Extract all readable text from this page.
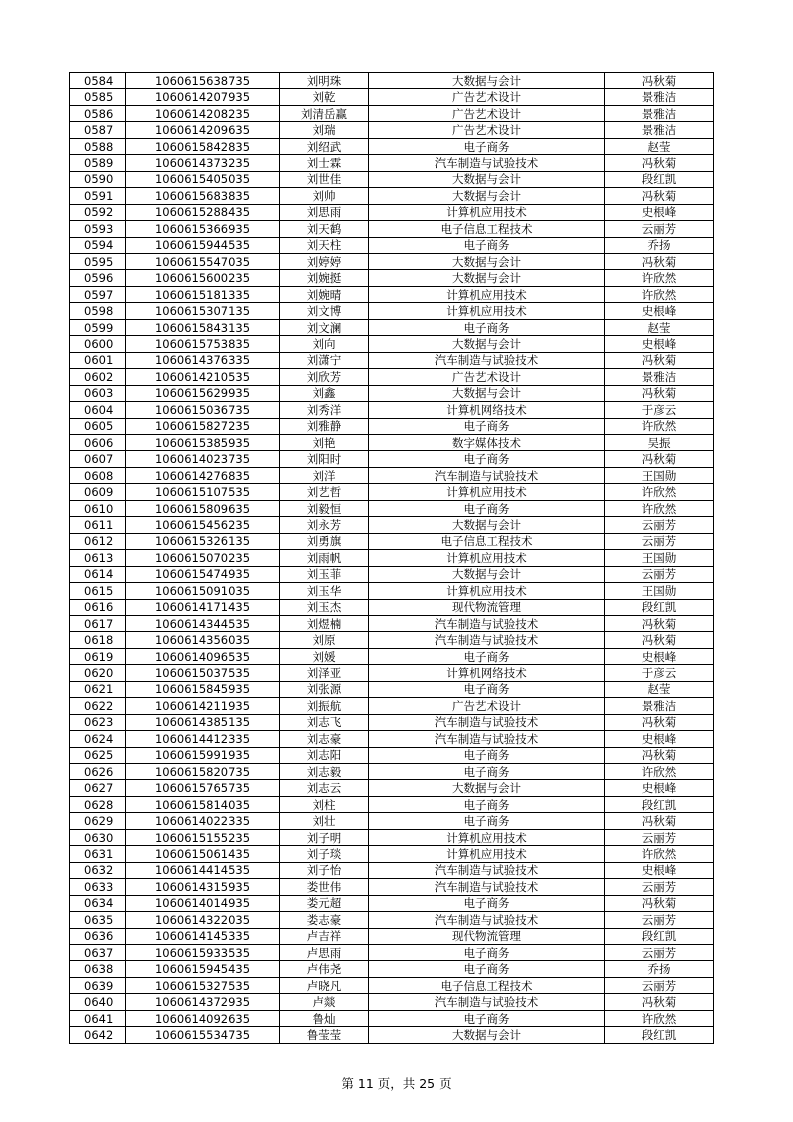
0584	1060615638735	刘明珠	大数据与会计	冯秋菊
0585	1060614207935	刘乾	广告艺术设计	景雅洁
0586	1060614208235	刘清岳赢	广告艺术设计	景雅洁
0587	1060614209635	刘瑞	广告艺术设计	景雅洁
0588	1060615842835	刘绍武	电子商务	赵莹
0589	1060614373235	刘士霖	汽车制造与试验技术	冯秋菊
0590	1060615405035	刘世佳	大数据与会计	段红凯
0591	1060615683835	刘帅	大数据与会计	冯秋菊
0592	1060615288435	刘思雨	计算机应用技术	史根峰
0593	1060615366935	刘天鹤	电子信息工程技术	云丽芳
0594	1060615944535	刘天柱	电子商务	乔扬
0595	1060615547035	刘婷婷	大数据与会计	冯秋菊
0596	1060615600235	刘婉挺	大数据与会计	许欣然
0597	1060615181335	刘婉晴	计算机应用技术	许欣然
0598	1060615307135	刘文博	计算机应用技术	史根峰
0599	1060615843135	刘文澜	电子商务	赵莹
0600	1060615753835	刘向	大数据与会计	史根峰
0601	1060614376335	刘潇宁	汽车制造与试验技术	冯秋菊
0602	1060614210535	刘欣芳	广告艺术设计	景雅洁
0603	1060615629935	刘鑫	大数据与会计	冯秋菊
0604	1060615036735	刘秀洋	计算机网络技术	于彦云
0605	1060615827235	刘雅静	电子商务	许欣然
0606	1060615385935	刘艳	数字媒体技术	吴振
0607	1060614023735	刘阳时	电子商务	冯秋菊
0608	1060614276835	刘洋	汽车制造与试验技术	王国勋
0609	1060615107535	刘艺哲	计算机应用技术	许欣然
0610	1060615809635	刘毅恒	电子商务	许欣然
0611	1060615456235	刘永芳	大数据与会计	云丽芳
0612	1060615326135	刘勇旗	电子信息工程技术	云丽芳
0613	1060615070235	刘雨帆	计算机应用技术	王国勋
0614	1060615474935	刘玉菲	大数据与会计	云丽芳
0615	1060615091035	刘玉华	计算机应用技术	王国勋
0616	1060614171435	刘玉杰	现代物流管理	段红凯
0617	1060614344535	刘煜楠	汽车制造与试验技术	冯秋菊
0618	1060614356035	刘原	汽车制造与试验技术	冯秋菊
0619	1060614096535	刘媛	电子商务	史根峰
0620	1060615037535	刘泽亚	计算机网络技术	于彦云
0621	1060615845935	刘张源	电子商务	赵莹
0622	1060614211935	刘振航	广告艺术设计	景雅洁
0623	1060614385135	刘志飞	汽车制造与试验技术	冯秋菊
0624	1060614412335	刘志豪	汽车制造与试验技术	史根峰
0625	1060615991935	刘志阳	电子商务	冯秋菊
0626	1060615820735	刘志毅	电子商务	许欣然
0627	1060615765735	刘志云	大数据与会计	史根峰
0628	1060615814035	刘柱	电子商务	段红凯
0629	1060614022335	刘壮	电子商务	冯秋菊
0630	1060615155235	刘子明	计算机应用技术	云丽芳
0631	1060615061435	刘子琰	计算机应用技术	许欣然
0632	1060614414535	刘子怡	汽车制造与试验技术	史根峰
0633	1060614315935	娄世伟	汽车制造与试验技术	云丽芳
0634	1060614014935	娄元超	电子商务	冯秋菊
0635	1060614322035	娄志豪	汽车制造与试验技术	云丽芳
0636	1060614145335	卢吉祥	现代物流管理	段红凯
0637	1060615933535	卢思雨	电子商务	云丽芳
0638	1060615945435	卢伟尧	电子商务	乔扬
0639	1060615327535	卢晓凡	电子信息工程技术	云丽芳
0640	1060614372935	卢燚	汽车制造与试验技术	冯秋菊
0641	1060614092635	鲁灿	电子商务	许欣然
0642	1060615534735	鲁莹莹	大数据与会计	段红凯
第 11 页，共 25 页
